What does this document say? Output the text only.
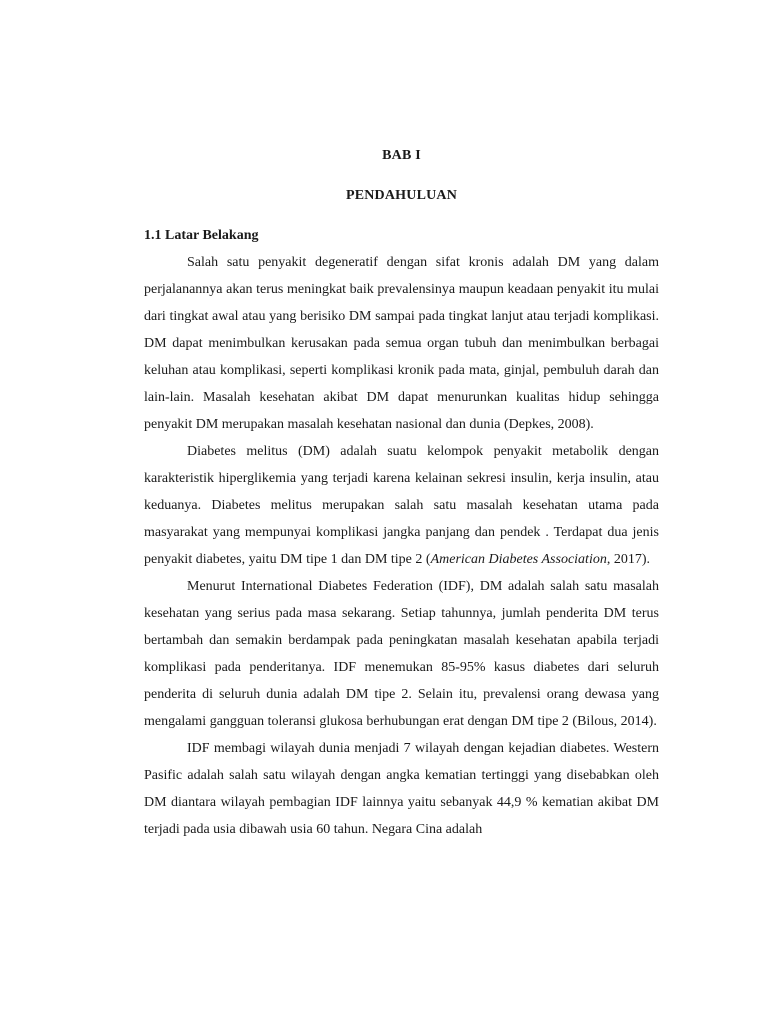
BAB I
PENDAHULUAN
1.1 Latar Belakang

Salah satu penyakit degeneratif dengan sifat kronis adalah DM yang dalam perjalanannya akan terus meningkat baik prevalensinya maupun keadaan penyakit itu mulai dari tingkat awal atau yang berisiko DM sampai pada tingkat lanjut atau terjadi komplikasi. DM dapat menimbulkan kerusakan pada semua organ tubuh dan menimbulkan berbagai keluhan atau komplikasi, seperti komplikasi kronik pada mata, ginjal, pembuluh darah dan lain-lain. Masalah kesehatan akibat DM dapat menurunkan kualitas hidup sehingga penyakit DM merupakan masalah kesehatan nasional dan dunia (Depkes, 2008).

Diabetes melitus (DM) adalah suatu kelompok penyakit metabolik dengan karakteristik hiperglikemia yang terjadi karena kelainan sekresi insulin, kerja insulin, atau keduanya. Diabetes melitus merupakan salah satu masalah kesehatan utama pada masyarakat yang mempunyai komplikasi jangka panjang dan pendek . Terdapat dua jenis penyakit diabetes, yaitu DM tipe 1 dan DM tipe 2 (American Diabetes Association, 2017).

Menurut International Diabetes Federation (IDF), DM adalah salah satu masalah kesehatan yang serius pada masa sekarang. Setiap tahunnya, jumlah penderita DM terus bertambah dan semakin berdampak pada peningkatan masalah kesehatan apabila terjadi komplikasi pada penderitanya. IDF menemukan 85-95% kasus diabetes dari seluruh penderita di seluruh dunia adalah DM tipe 2. Selain itu, prevalensi orang dewasa yang mengalami gangguan toleransi glukosa berhubungan erat dengan DM tipe 2 (Bilous, 2014).

IDF membagi wilayah dunia menjadi 7 wilayah dengan kejadian diabetes. Western Pasific adalah salah satu wilayah dengan angka kematian tertinggi yang disebabkan oleh DM diantara wilayah pembagian IDF lainnya yaitu sebanyak 44,9 % kematian akibat DM terjadi pada usia dibawah usia 60 tahun. Negara Cina adalah
